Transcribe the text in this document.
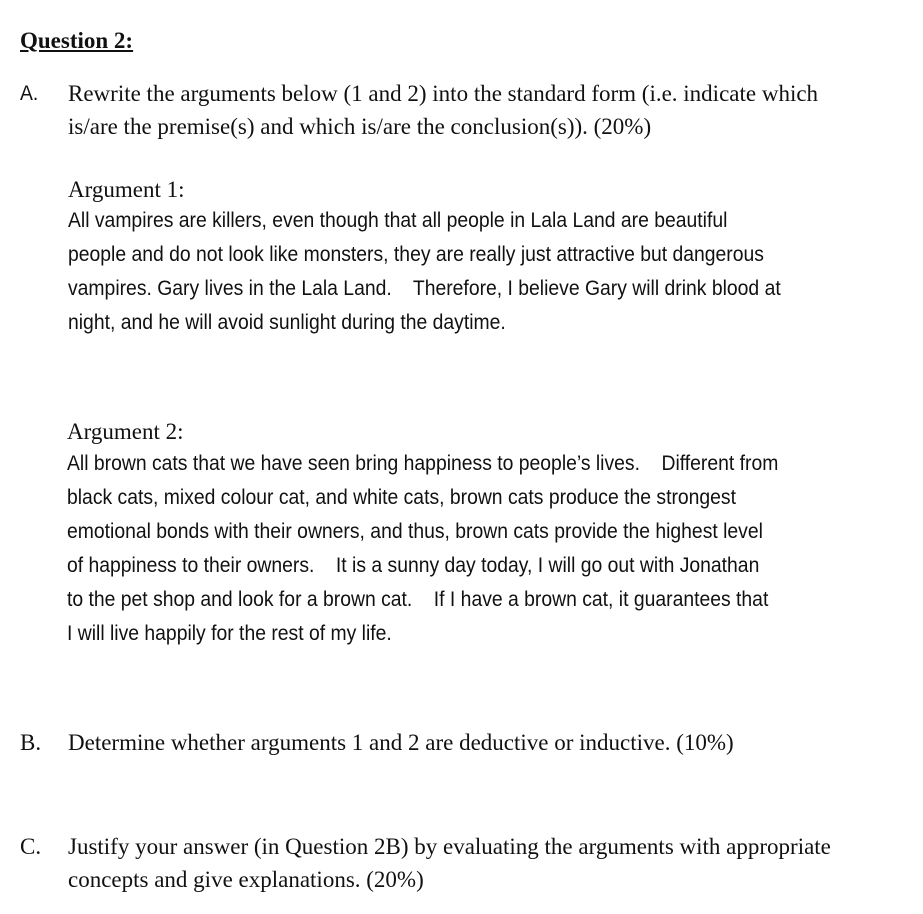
Question 2:
A. Rewrite the arguments below (1 and 2) into the standard form (i.e. indicate which
is/are the premise(s) and which is/are the conclusion(s)). (20%)
Argument 1:
All vampires are killers, even though that all people in Lala Land are beautiful
people and do not look like monsters, they are really just attractive but dangerous
vampires. Gary lives in the Lala Land.    Therefore, I believe Gary will drink blood at
night, and he will avoid sunlight during the daytime.
Argument 2:
All brown cats that we have seen bring happiness to people’s lives.    Different from
black cats, mixed colour cat, and white cats, brown cats produce the strongest
emotional bonds with their owners, and thus, brown cats provide the highest level
of happiness to their owners.    It is a sunny day today, I will go out with Jonathan
to the pet shop and look for a brown cat.    If I have a brown cat, it guarantees that
I will live happily for the rest of my life.
B. Determine whether arguments 1 and 2 are deductive or inductive. (10%)
C. Justify your answer (in Question 2B) by evaluating the arguments with appropriate
concepts and give explanations. (20%)
